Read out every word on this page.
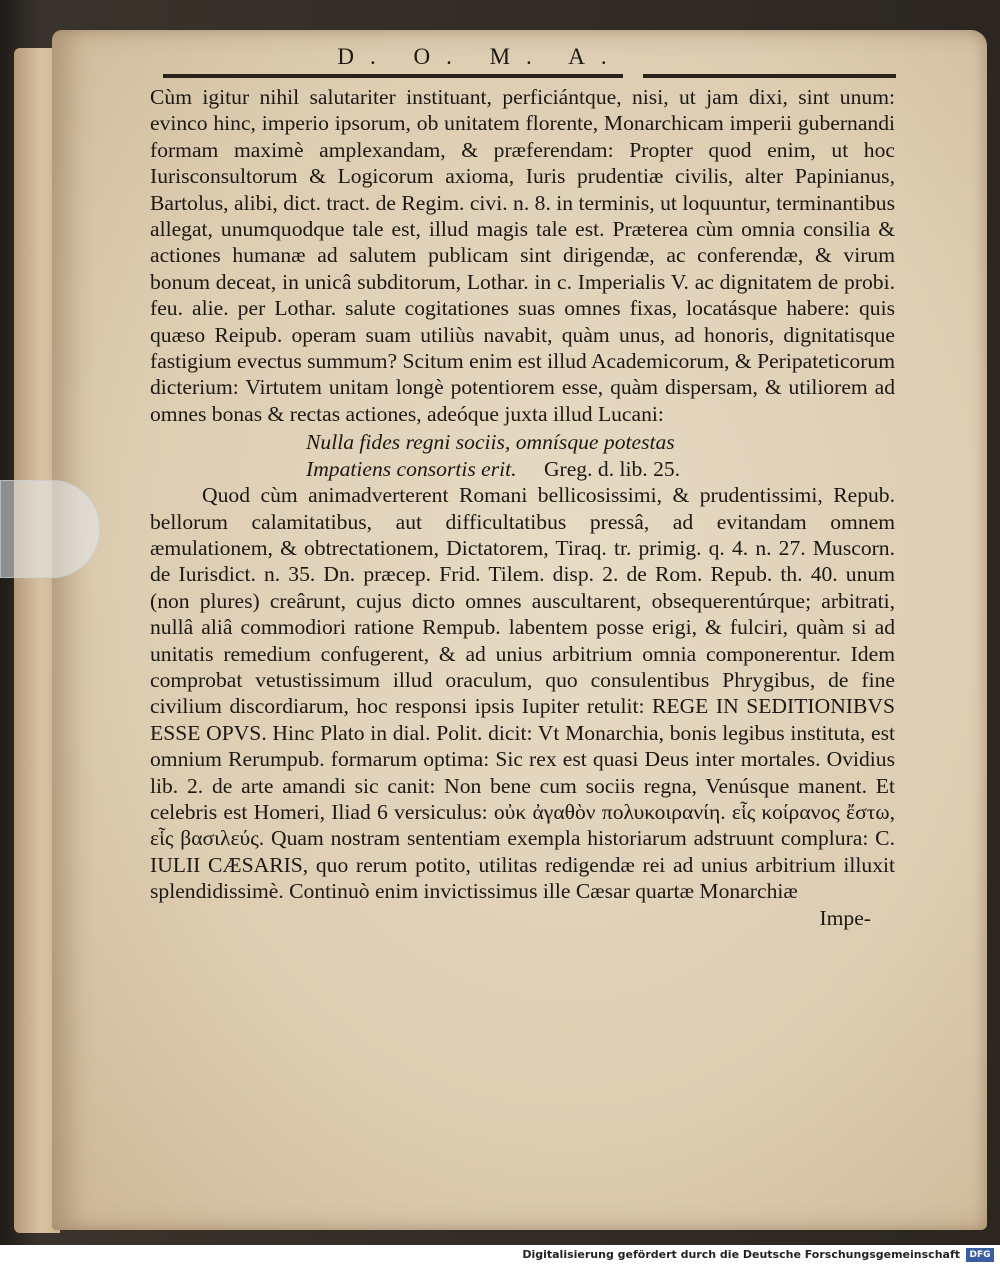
D. O. M. A.

Cùm igitur nihil salutariter instituant, perficiántque, nisi, ut jam dixi, sint unum: evinco hinc, imperio ipsorum, ob unitatem florente, Monarchicam imperii gubernandi formam maximè amplexandam, & præferendam: Propter quod enim, ut hoc Iurisconsultorum & Logicorum axioma, Iuris prudentiæ civilis, alter Papinianus, Bartolus, alibi, dict. tract. de Regim. civi. n. 8. in terminis, ut loquuntur, terminantibus allegat, unumquodque tale est, illud magis tale est. Præterea cùm omnia consilia & actiones humanæ ad salutem publicam sint dirigendæ, ac conferendæ, & virum bonum deceat, in unicâ subditorum, Lothar. in c. Imperialis V. ac dignitatem de probi. feu. alie. per Lothar. salute cogitationes suas omnes fixas, locatásque habere: quis quæso Reipub. operam suam utiliùs navabit, quàm unus, ad honoris, dignitatisque fastigium evectus summum? Scitum enim est illud Academicorum, & Peripateticorum dicterium: Virtutem unitam longè potentiorem esse, quàm dispersam, & utiliorem ad omnes bonas & rectas actiones, adeóque juxta illud Lucani:

Nulla fides regni sociis, omnísque potestas
Impatiens consortis erit. Greg. d. lib. 25.

Quod cùm animadverterent Romani bellicosissimi, & prudentissimi, Repub. bellorum calamitatibus, aut difficultatibus pressâ, ad evitandam omnem æmulationem, & obtrectationem, Dictatorem, Tiraq. tr. primig. q. 4. n. 27. Muscorn. de Iurisdict. n. 35. Dn. præcep. Frid. Tilem. disp. 2. de Rom. Repub. th. 40. unum (non plures) creârunt, cujus dicto omnes auscultarent, obsequerentúrque; arbitrati, nullâ aliâ commodiori ratione Rempub. labentem posse erigi, & fulciri, quàm si ad unitatis remedium confugerent, & ad unius arbitrium omnia componerentur. Idem comprobat vetustissimum illud oraculum, quo consulentibus Phrygibus, de fine civilium discordiarum, hoc responsi ipsis Iupiter retulit: REGE IN SEDITIONIBVS ESSE OPVS. Hinc Plato in dial. Polit. dicit: Vt Monarchia, bonis legibus instituta, est omnium Rerumpub. formarum optima: Sic rex est quasi Deus inter mortales. Ovidius lib. 2. de arte amandi sic canit: Non bene cum sociis regna, Venúsque manent. Et celebris est Homeri, Iliad 6 versiculus: οὐκ ἀγαθὸν πολυκοιρανίη. εἷς κοίρανος ἔστω, εἷς βασιλεύς. Quam nostram sententiam exempla historiarum adstruunt complura: C. IULII CÆSARIS, quo rerum potito, utilitas redigendæ rei ad unius arbitrium illuxit splendidissimè. Continuò enim invictissimus ille Cæsar quartæ Monarchiæ

Impe-
Digitalisierung gefördert durch die Deutsche Forschungsgemeinschaft	DFG
